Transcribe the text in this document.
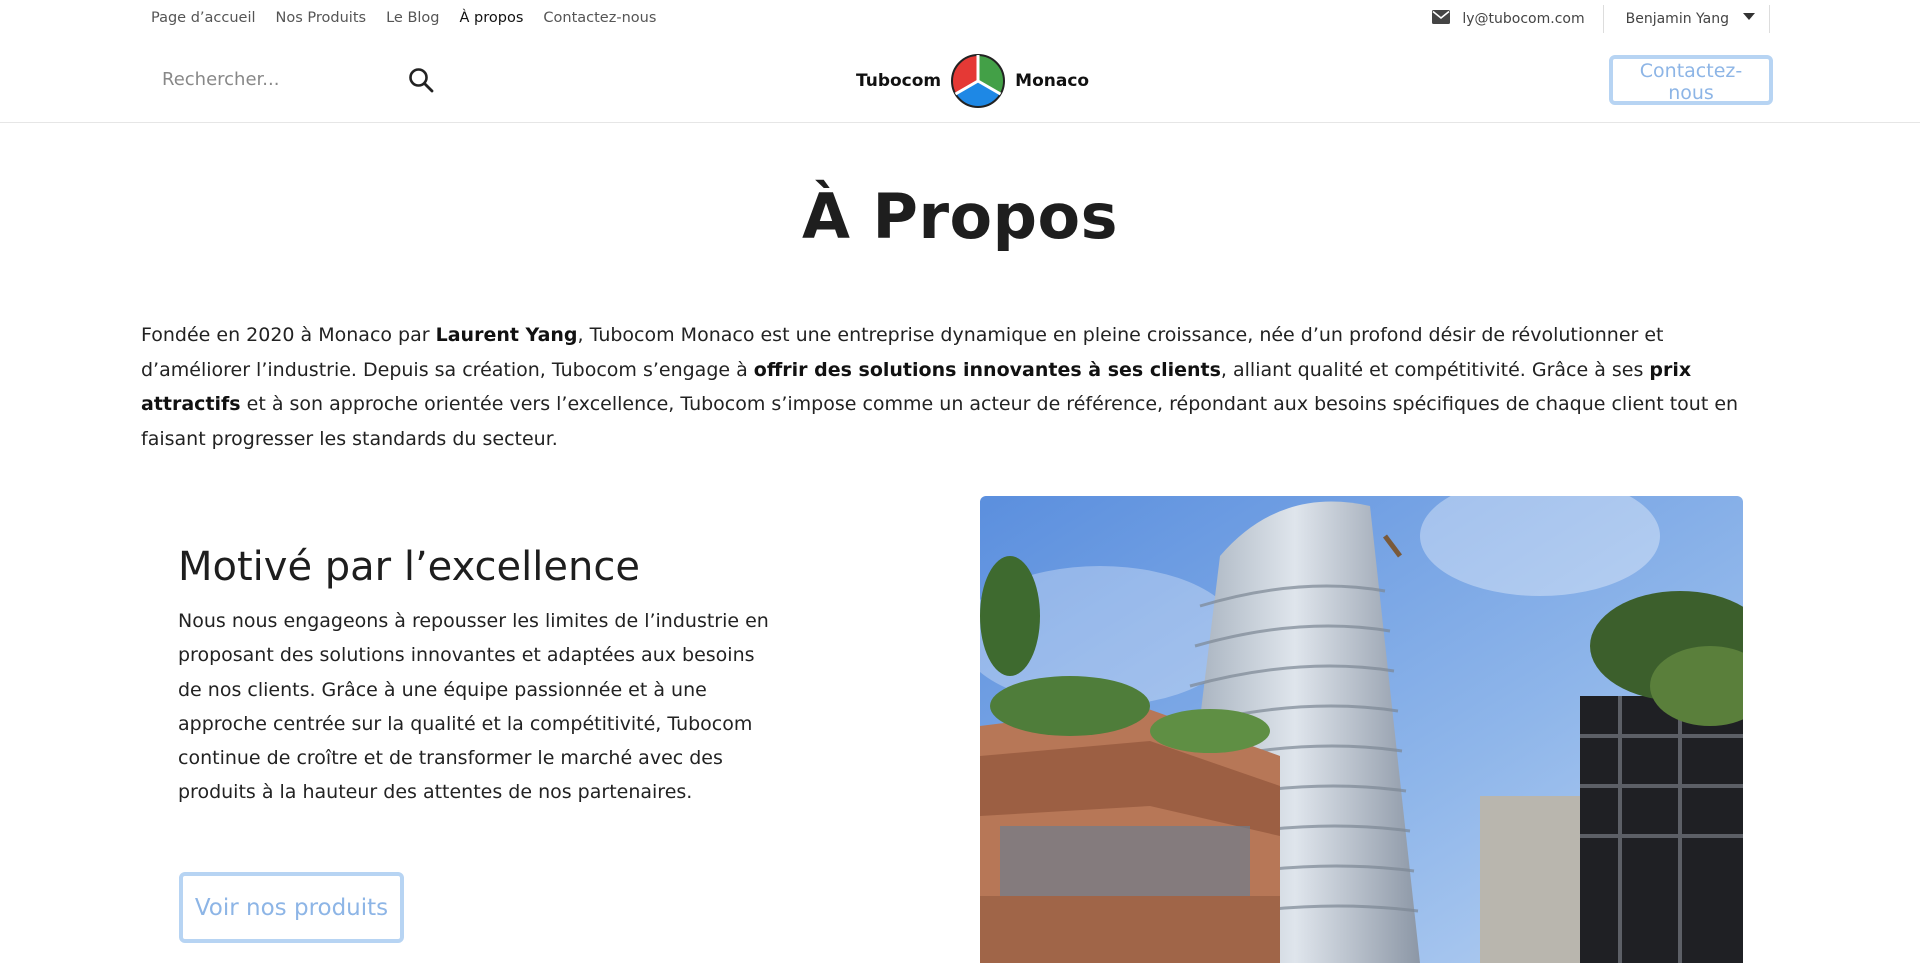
Page d’accueil Nos Produits Le Blog À propos Contactez-nous	ly@tubocom.com	Benjamin Yang
Rechercher...
Tubocom	Monaco	Contactez-nous
À Propos

Fondée en 2020 à Monaco par Laurent Yang, Tubocom Monaco est une entreprise dynamique en pleine croissance, née d’un profond désir de révolutionner et d’améliorer l’industrie. Depuis sa création, Tubocom s’engage à offrir des solutions innovantes à ses clients, alliant qualité et compétitivité. Grâce à ses prix attractifs et à son approche orientée vers l’excellence, Tubocom s’impose comme un acteur de référence, répondant aux besoins spécifiques de chaque client tout en faisant progresser les standards du secteur.

Motivé par l’excellence

Nous nous engageons à repousser les limites de l’industrie en proposant des solutions innovantes et adaptées aux besoins de nos clients. Grâce à une équipe passionnée et à une approche centrée sur la qualité et la compétitivité, Tubocom continue de croître et de transformer le marché avec des produits à la hauteur des attentes de nos partenaires.

Voir nos produits
